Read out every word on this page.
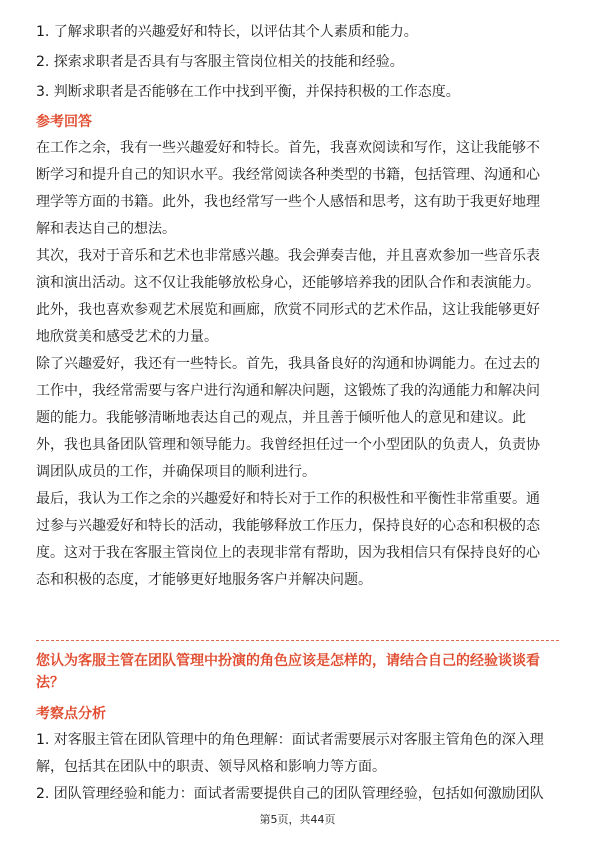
1. 了解求职者的兴趣爱好和特长，以评估其个人素质和能力。

2. 探索求职者是否具有与客服主管岗位相关的技能和经验。

3. 判断求职者是否能够在工作中找到平衡，并保持积极的工作态度。

参考回答

在工作之余，我有一些兴趣爱好和特长。首先，我喜欢阅读和写作，这让我能够不

断学习和提升自己的知识水平。我经常阅读各种类型的书籍，包括管理、沟通和心

理学等方面的书籍。此外，我也经常写一些个人感悟和思考，这有助于我更好地理

解和表达自己的想法。

其次，我对于音乐和艺术也非常感兴趣。我会弹奏吉他，并且喜欢参加一些音乐表

演和演出活动。这不仅让我能够放松身心，还能够培养我的团队合作和表演能力。

此外，我也喜欢参观艺术展览和画廊，欣赏不同形式的艺术作品，这让我能够更好

地欣赏美和感受艺术的力量。

除了兴趣爱好，我还有一些特长。首先，我具备良好的沟通和协调能力。在过去的

工作中，我经常需要与客户进行沟通和解决问题，这锻炼了我的沟通能力和解决问

题的能力。我能够清晰地表达自己的观点，并且善于倾听他人的意见和建议。此

外，我也具备团队管理和领导能力。我曾经担任过一个小型团队的负责人，负责协

调团队成员的工作，并确保项目的顺利进行。

最后，我认为工作之余的兴趣爱好和特长对于工作的积极性和平衡性非常重要。通

过参与兴趣爱好和特长的活动，我能够释放工作压力，保持良好的心态和积极的态

度。这对于我在客服主管岗位上的表现非常有帮助，因为我相信只有保持良好的心

态和积极的态度，才能够更好地服务客户并解决问题。

您认为客服主管在团队管理中扮演的角色应该是怎样的，请结合自己的经验谈谈看

法？

考察点分析

1. 对客服主管在团队管理中的角色理解：面试者需要展示对客服主管角色的深入理

解，包括其在团队中的职责、领导风格和影响力等方面。

2. 团队管理经验和能力：面试者需要提供自己的团队管理经验，包括如何激励团队

第5页，共44页
